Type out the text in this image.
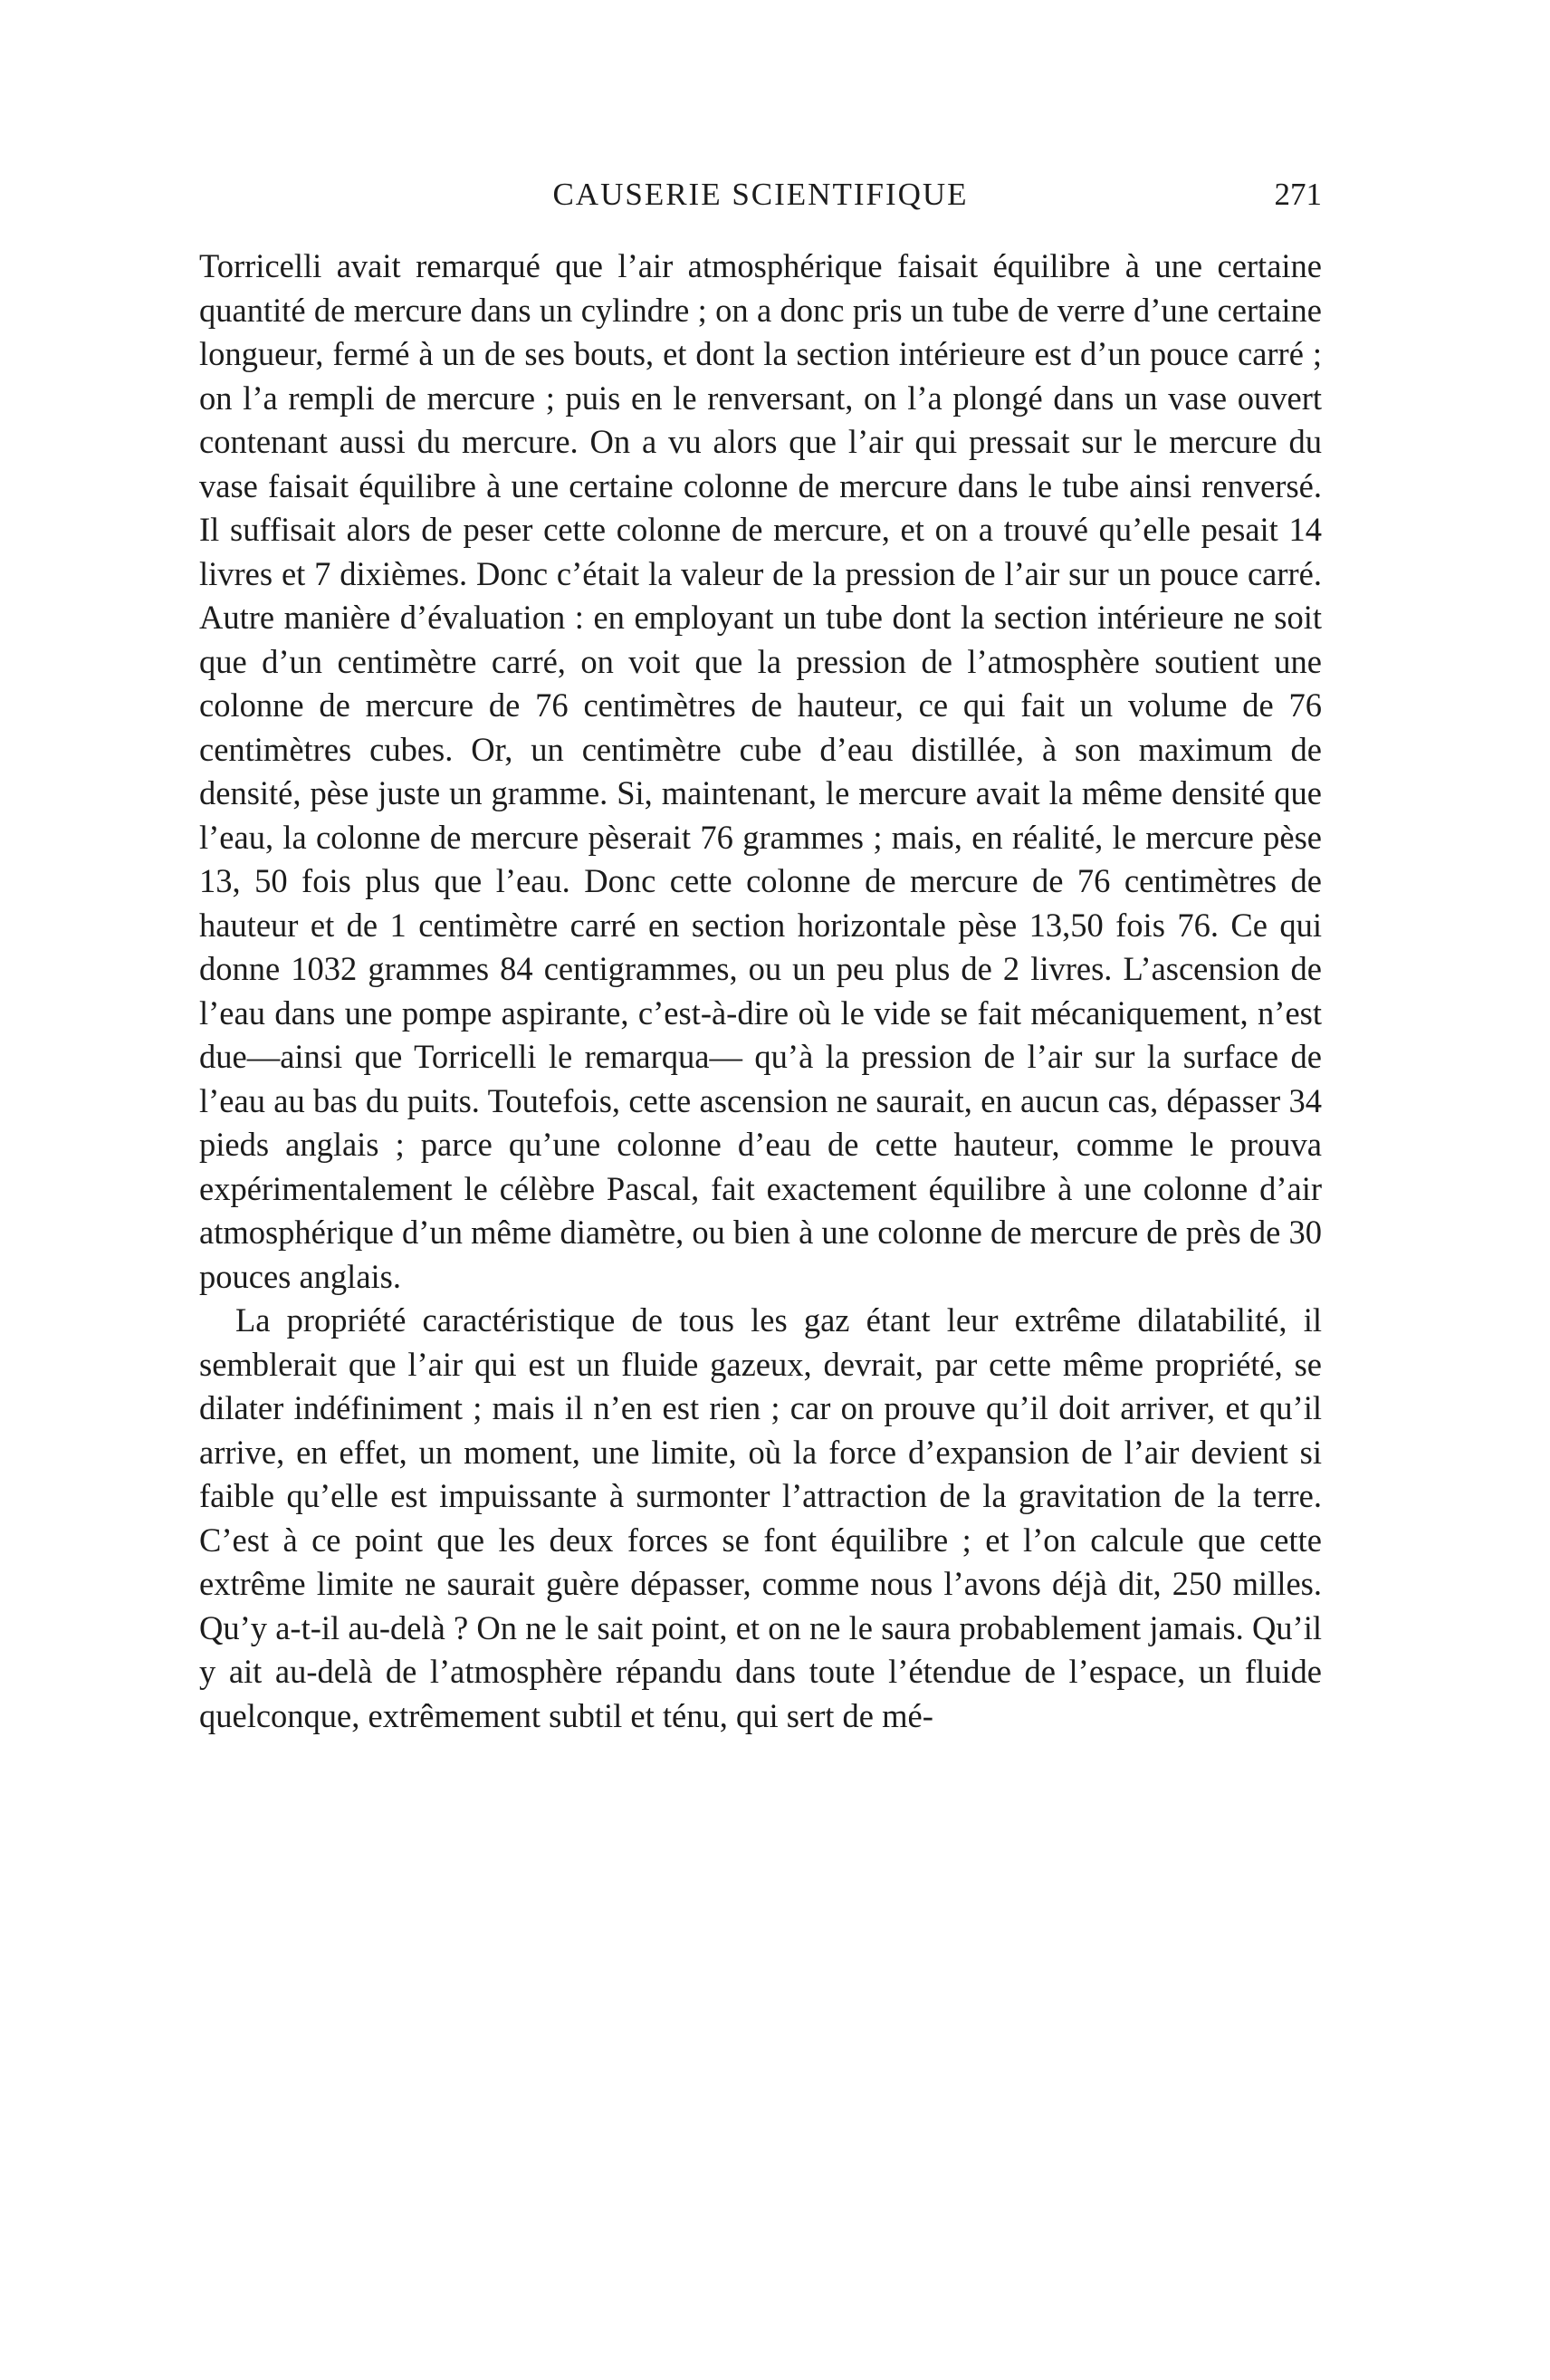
CAUSERIE SCIENTIFIQUE	271

Torricelli avait remarqué que l’air atmosphérique faisait équilibre à une certaine quantité de mercure dans un cylindre ; on a donc pris un tube de verre d’une certaine longueur, fermé à un de ses bouts, et dont la section intérieure est d’un pouce carré ; on l’a rempli de mercure ; puis en le renversant, on l’a plongé dans un vase ouvert contenant aussi du mercure. On a vu alors que l’air qui pressait sur le mercure du vase faisait équilibre à une certaine colonne de mercure dans le tube ainsi renversé. Il suffisait alors de peser cette colonne de mercure, et on a trouvé qu’elle pesait 14 livres et 7 dixièmes. Donc c’était la valeur de la pression de l’air sur un pouce carré. Autre manière d’évaluation : en employant un tube dont la section intérieure ne soit que d’un centimètre carré, on voit que la pression de l’atmosphère soutient une colonne de mercure de 76 centimètres de hauteur, ce qui fait un volume de 76 centimètres cubes. Or, un centimètre cube d’eau distillée, à son maximum de densité, pèse juste un gramme. Si, maintenant, le mercure avait la même densité que l’eau, la colonne de mercure pèserait 76 grammes ; mais, en réalité, le mercure pèse 13, 50 fois plus que l’eau. Donc cette colonne de mercure de 76 centimètres de hauteur et de 1 centimètre carré en section horizontale pèse 13,50 fois 76. Ce qui donne 1032 grammes 84 centigrammes, ou un peu plus de 2 livres. L’ascension de l’eau dans une pompe aspirante, c’est-à-dire où le vide se fait mécaniquement, n’est due—ainsi que Torricelli le remarqua— qu’à la pression de l’air sur la surface de l’eau au bas du puits. Toutefois, cette ascension ne saurait, en aucun cas, dépasser 34 pieds anglais ; parce qu’une colonne d’eau de cette hauteur, comme le prouva expérimentalement le célèbre Pascal, fait exactement équilibre à une colonne d’air atmosphérique d’un même diamètre, ou bien à une colonne de mercure de près de 30 pouces anglais.

La propriété caractéristique de tous les gaz étant leur extrême dilatabilité, il semblerait que l’air qui est un fluide gazeux, devrait, par cette même propriété, se dilater indéfiniment ; mais il n’en est rien ; car on prouve qu’il doit arriver, et qu’il arrive, en effet, un moment, une limite, où la force d’expansion de l’air devient si faible qu’elle est impuissante à surmonter l’attraction de la gravitation de la terre. C’est à ce point que les deux forces se font équilibre ; et l’on calcule que cette extrême limite ne saurait guère dépasser, comme nous l’avons déjà dit, 250 milles. Qu’y a-t-il au-delà ? On ne le sait point, et on ne le saura probablement jamais. Qu’il y ait au-delà de l’atmosphère répandu dans toute l’étendue de l’espace, un fluide quelconque, extrêmement subtil et ténu, qui sert de mé-
